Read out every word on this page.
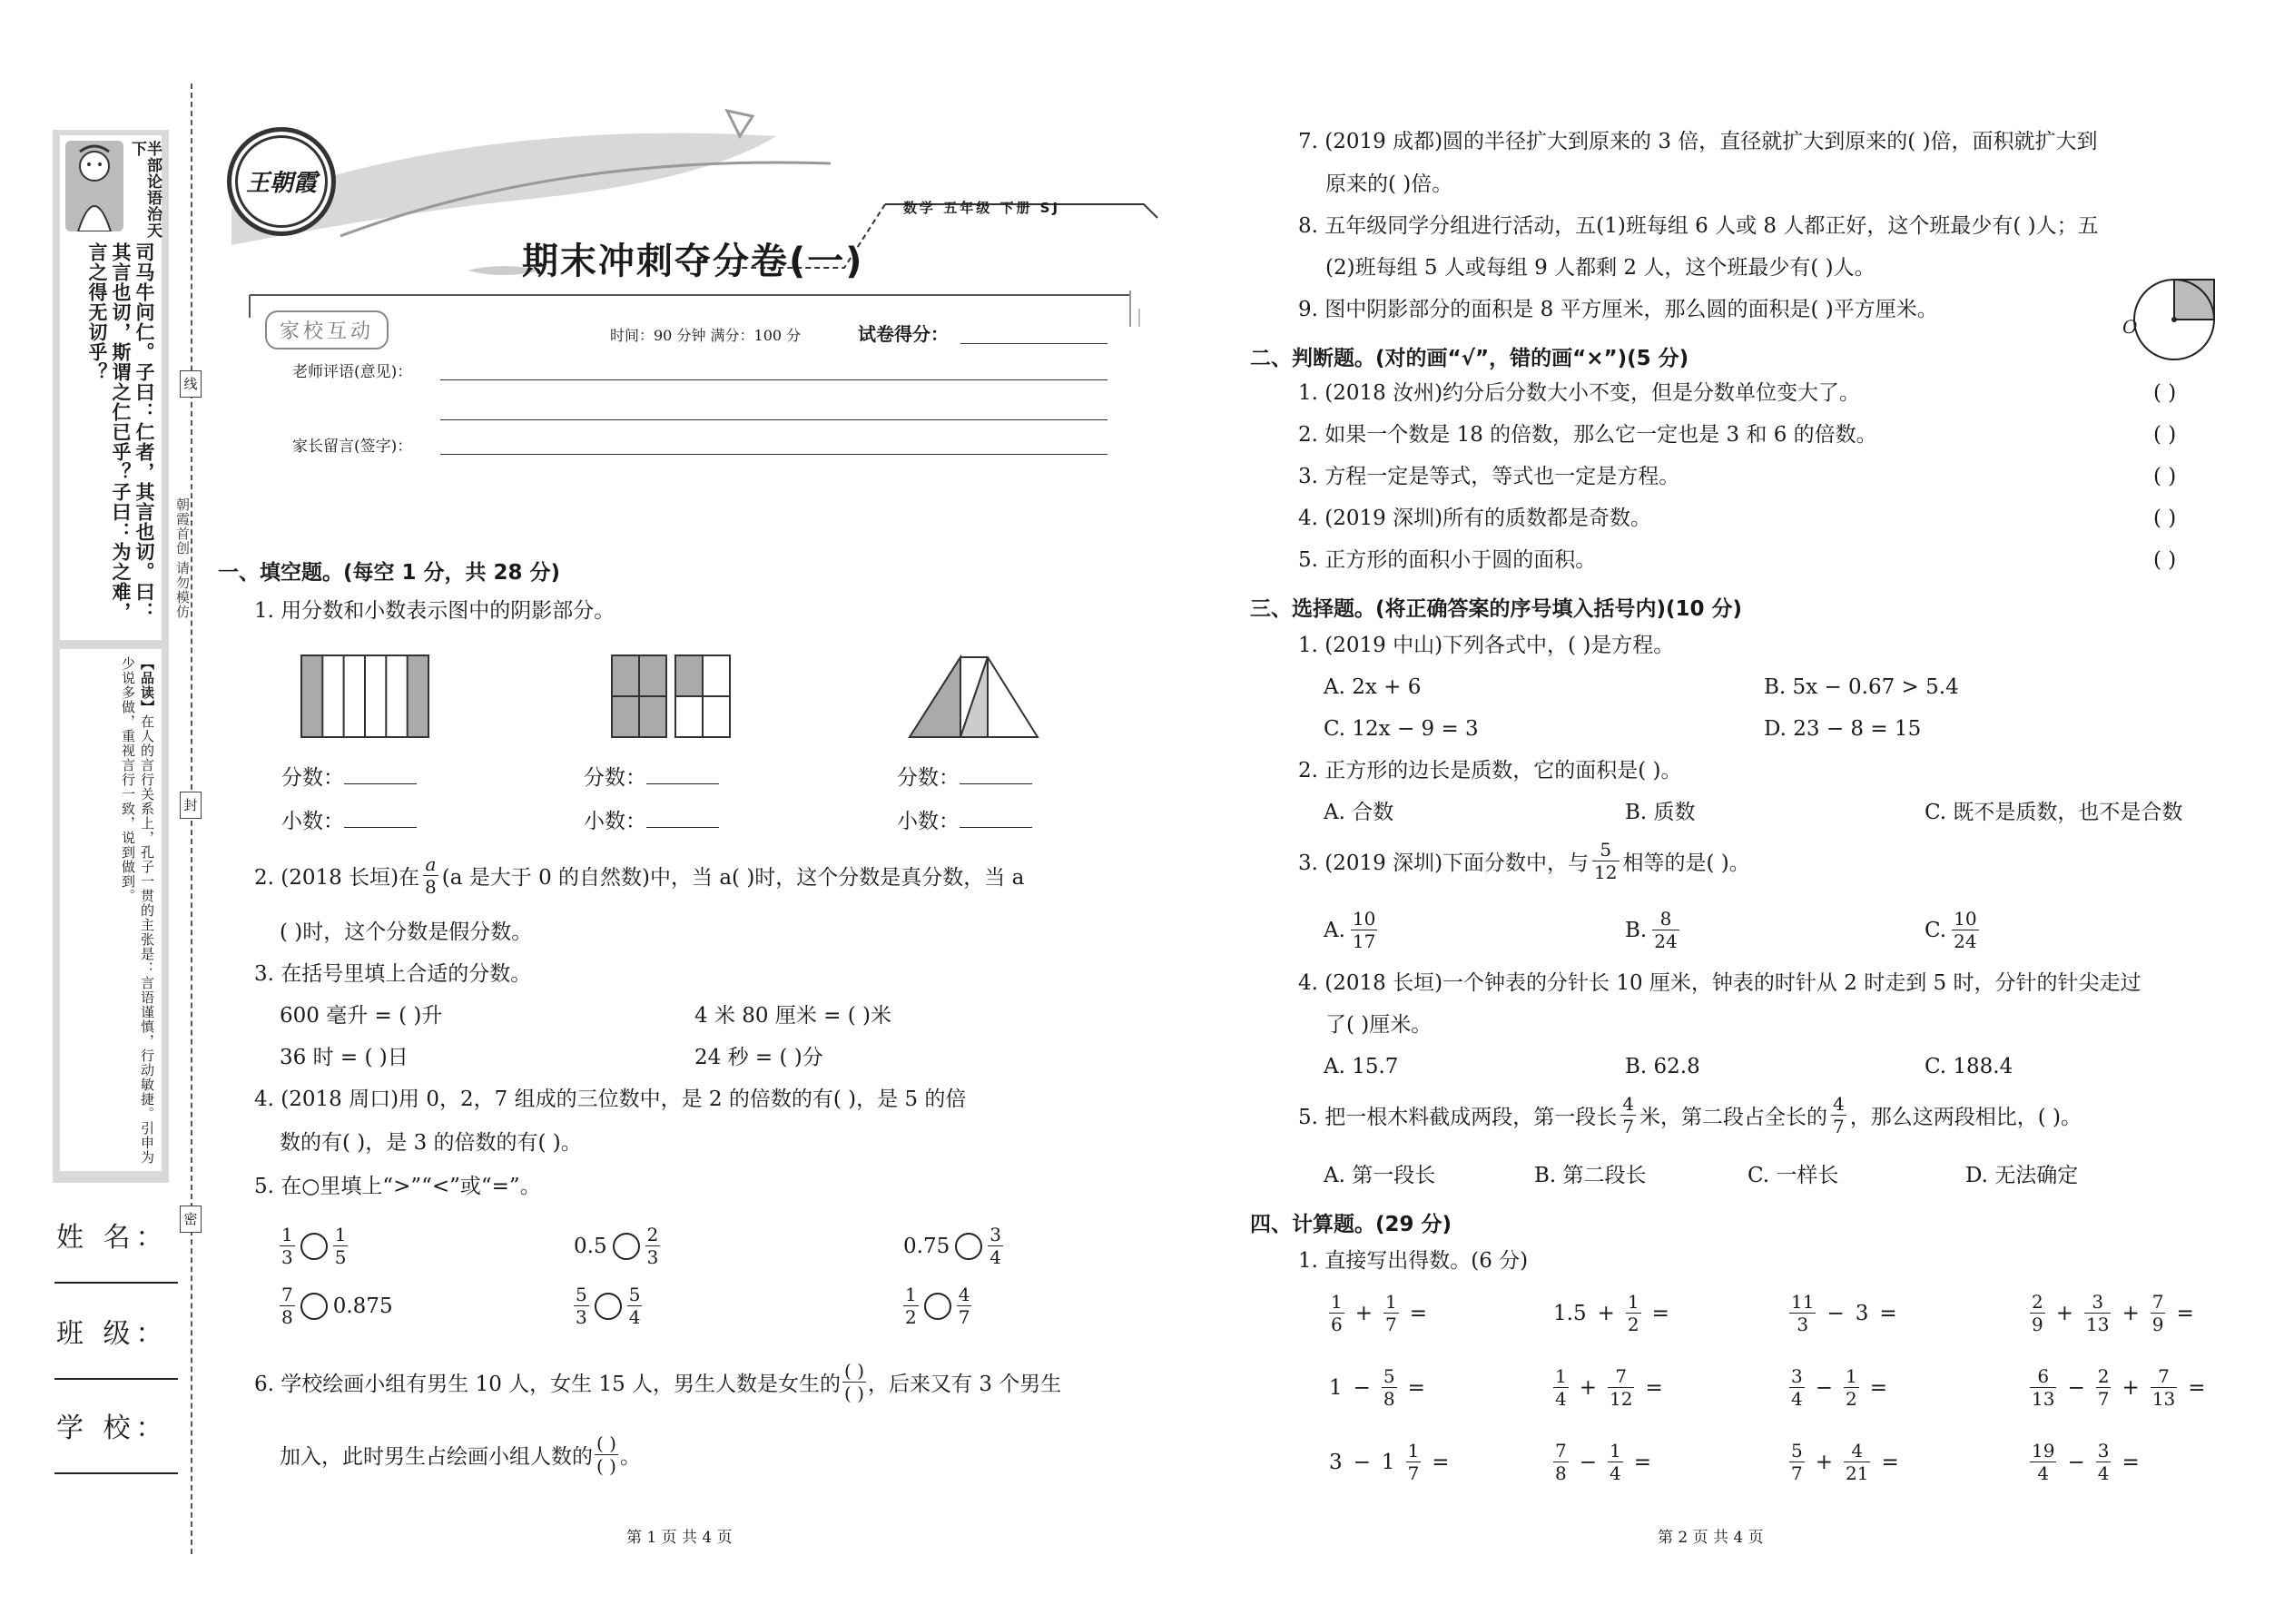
半部论语治天下
司马牛问仁。子曰：仁者，其言也讱。曰：其言也讱，斯谓之仁已乎？子曰：为之难，言之得无讱乎？
【品读】在人的言行关系上，孔子一贯的主张是：言语谨慎，行动敏捷。引申为少说多做，重视言行一致，说到做到。
姓 名：
班 级：
学 校：
线
封
密
朝霞首创 请勿模仿
王朝霞
数学 五年级 下册 SJ
期末冲刺夺分卷(一)
家校互动	时间：90 分钟 满分：100 分	试卷得分：
老师评语(意见)：
家长留言(签字)：
一、填空题。(每空 1 分，共 28 分)
1. 用分数和小数表示图中的阴影部分。
分数：
小数：
分数：
小数：
分数：
小数：
2. (2018 长垣)在 $\frac{a}{8} (a$ 是大于 0 的自然数)中，当 a( )时，这个分数是真分数，当 a
( )时，这个分数是假分数。
3. 在括号里填上合适的分数。
600 毫升 = ( )升	4 米 80 厘米 = ( )米
36 时 = ( )日	24 秒 = ( )分
4. (2018 周口)用 0，2，7 组成的三位数中，是 2 的倍数的有( )，是 5 的倍
数的有( )，是 3 的倍数的有( )。
5. 在○里填上“>”“<”或“=”。
$\frac{1}{3} \frac{1}{5}$	$0.5 \frac{2}{3}$	$0.75 \frac{3}{4}$
$\frac{7}{8} 0.875$	$\frac{5}{3} \frac{5}{4}$	$\frac{1}{2} \frac{4}{7}$
6. 学校绘画小组有男生 10 人，女生 15 人，男生人数是女生的 $\frac{( )}{( )}$ ，后来又有 3 个男生
加入，此时男生占绘画小组人数的 $\frac{( )}{( )}$ 。
第 1 页 共 4 页
7. (2019 成都)圆的半径扩大到原来的 3 倍，直径就扩大到原来的( )倍，面积就扩大到
原来的( )倍。
8. 五年级同学分组进行活动，五(1)班每组 6 人或 8 人都正好，这个班最少有( )人；五
(2)班每组 5 人或每组 9 人都剩 2 人，这个班最少有( )人。
9. 图中阴影部分的面积是 8 平方厘米，那么圆的面积是( )平方厘米。
O
二、判断题。(对的画“√”，错的画“×”)(5 分)
1. (2018 汝州)约分后分数大小不变，但是分数单位变大了。	( )
2. 如果一个数是 18 的倍数，那么它一定也是 3 和 6 的倍数。	( )
3. 方程一定是等式，等式也一定是方程。	( )
4. (2019 深圳)所有的质数都是奇数。	( )
5. 正方形的面积小于圆的面积。	( )
三、选择题。(将正确答案的序号填入括号内)(10 分)
1. (2019 中山)下列各式中，( )是方程。
A. 2x + 6	B. 5x − 0.67 > 5.4
C. 12x − 9 = 3	D. 23 − 8 = 15
2. 正方形的边长是质数，它的面积是( )。
A. 合数	B. 质数	C. 既不是质数，也不是合数
3. (2019 深圳)下面分数中，与 $\frac{5}{12}$ 相等的是( )。
A. $\frac{10}{17}$	B. $\frac{8}{24}$	C. $\frac{10}{24}$
4. (2018 长垣)一个钟表的分针长 10 厘米，钟表的时针从 2 时走到 5 时，分针的针尖走过
了( )厘米。
A. 15.7	B. 62.8	C. 188.4
5. 把一根木料截成两段，第一段长 $\frac{4}{7}$ 米，第二段占全长的 $\frac{4}{7}$ ，那么这两段相比，( )。
A. 第一段长	B. 第二段长	C. 一样长	D. 无法确定
四、计算题。(29 分)
1. 直接写出得数。(6 分)
$\frac{1}{6} + \frac{1}{7}$ =	$1.5 + \frac{1}{2}$ =	$\frac{11}{3} - 3$ =	$\frac{2}{9} + \frac{3}{13} + \frac{7}{9}$ =
$1 - \frac{5}{8}$ =	$\frac{1}{4} + \frac{7}{12}$ =	$\frac{3}{4} - \frac{1}{2}$ =	$\frac{6}{13} - \frac{2}{7} + \frac{7}{13}$ =
$3 - 1 \frac{1}{7}$ =	$\frac{7}{8} - \frac{1}{4}$ =	$\frac{5}{7} + \frac{4}{21}$ =	$\frac{19}{4} - \frac{3}{4}$ =
第 2 页 共 4 页
